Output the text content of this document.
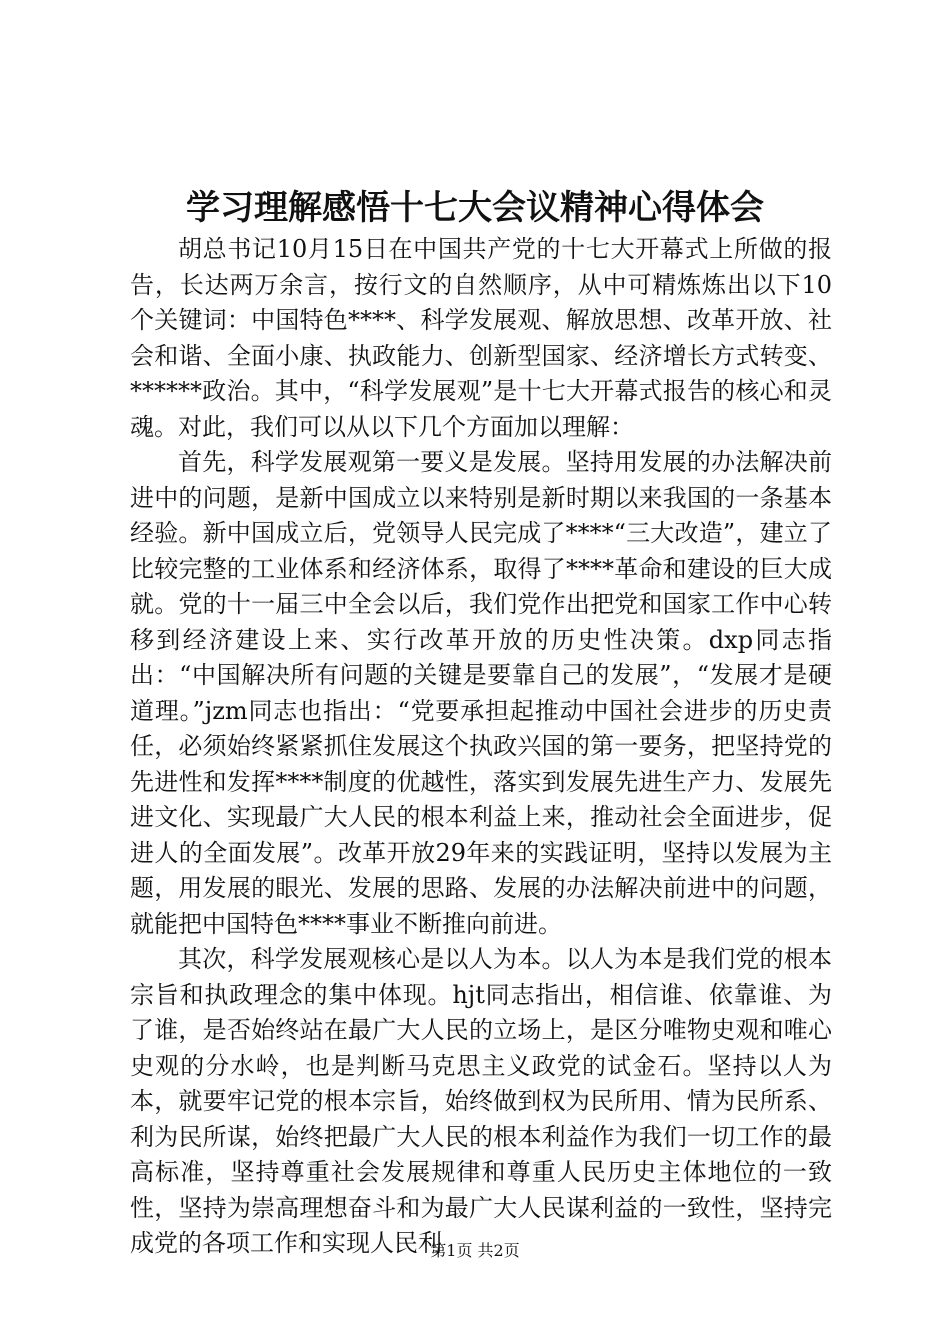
学习理解感悟十七大会议精神心得体会

胡总书记10月15日在中国共产党的十七大开幕式上所做的报告，长达两万余言，按行文的自然顺序，从中可精炼炼出以下10个关键词：中国特色****、科学发展观、解放思想、改革开放、社会和谐、全面小康、执政能力、创新型国家、经济增长方式转变、******政治。其中，“科学发展观”是十七大开幕式报告的核心和灵魂。对此，我们可以从以下几个方面加以理解：

首先，科学发展观第一要义是发展。坚持用发展的办法解决前进中的问题，是新中国成立以来特别是新时期以来我国的一条基本经验。新中国成立后，党领导人民完成了****“三大改造”，建立了比较完整的工业体系和经济体系，取得了****革命和建设的巨大成就。党的十一届三中全会以后，我们党作出把党和国家工作中心转移到经济建设上来、实行改革开放的历史性决策。dxp同志指出：“中国解决所有问题的关键是要靠自己的发展”，“发展才是硬道理。”jzm同志也指出：“党要承担起推动中国社会进步的历史责任，必须始终紧紧抓住发展这个执政兴国的第一要务，把坚持党的先进性和发挥****制度的优越性，落实到发展先进生产力、发展先进文化、实现最广大人民的根本利益上来，推动社会全面进步，促进人的全面发展”。改革开放29年来的实践证明，坚持以发展为主题，用发展的眼光、发展的思路、发展的办法解决前进中的问题，就能把中国特色****事业不断推向前进。

其次，科学发展观核心是以人为本。以人为本是我们党的根本宗旨和执政理念的集中体现。hjt同志指出，相信谁、依靠谁、为了谁，是否始终站在最广大人民的立场上，是区分唯物史观和唯心史观的分水岭，也是判断马克思主义政党的试金石。坚持以人为本，就要牢记党的根本宗旨，始终做到权为民所用、情为民所系、利为民所谋，始终把最广大人民的根本利益作为我们一切工作的最高标准，坚持尊重社会发展规律和尊重人民历史主体地位的一致性，坚持为崇高理想奋斗和为最广大人民谋利益的一致性，坚持完成党的各项工作和实现人民利

第1页 共2页
